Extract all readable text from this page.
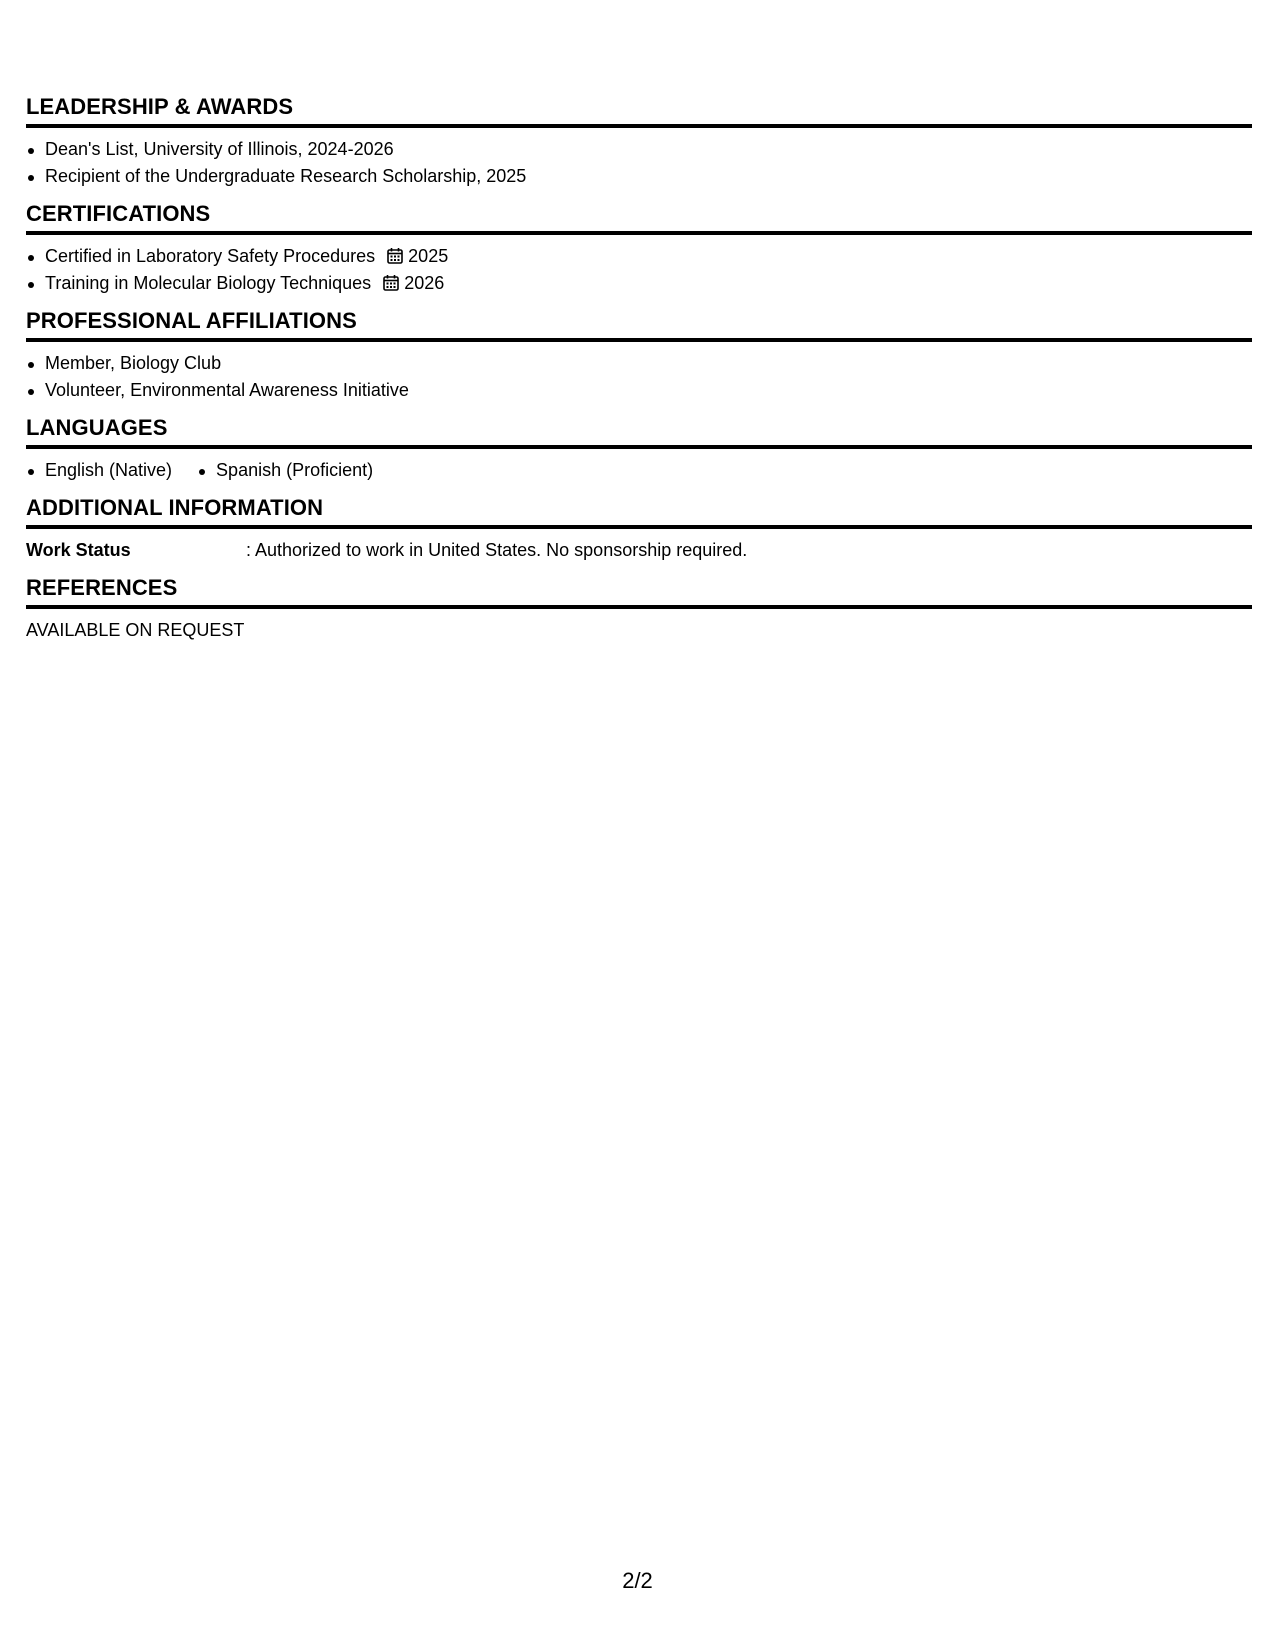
LEADERSHIP & AWARDS
Dean's List, University of Illinois, 2024-2026
Recipient of the Undergraduate Research Scholarship, 2025
CERTIFICATIONS
Certified in Laboratory Safety Procedures 2025
Training in Molecular Biology Techniques 2026
PROFESSIONAL AFFILIATIONS
Member, Biology Club
Volunteer, Environmental Awareness Initiative
LANGUAGES
English (Native)	Spanish (Proficient)
ADDITIONAL INFORMATION
Work Status	: Authorized to work in United States. No sponsorship required.
REFERENCES
AVAILABLE ON REQUEST
2/2
